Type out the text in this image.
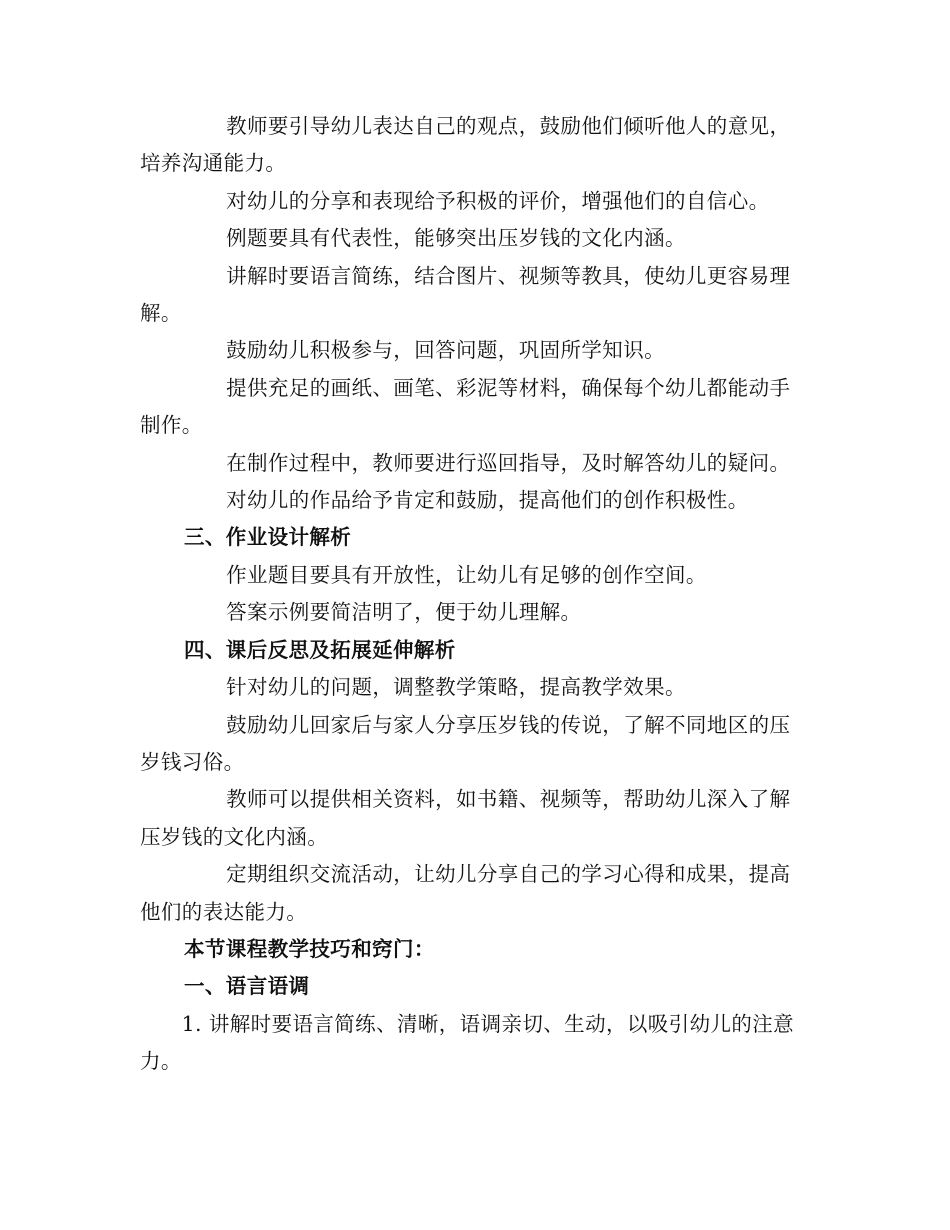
教师要引导幼儿表达自己的观点，鼓励他们倾听他人的意见，培养沟通能力。

对幼儿的分享和表现给予积极的评价，增强他们的自信心。

例题要具有代表性，能够突出压岁钱的文化内涵。

讲解时要语言简练，结合图片、视频等教具，使幼儿更容易理解。

鼓励幼儿积极参与，回答问题，巩固所学知识。

提供充足的画纸、画笔、彩泥等材料，确保每个幼儿都能动手制作。

在制作过程中，教师要进行巡回指导，及时解答幼儿的疑问。

对幼儿的作品给予肯定和鼓励，提高他们的创作积极性。

三、作业设计解析

作业题目要具有开放性，让幼儿有足够的创作空间。

答案示例要简洁明了，便于幼儿理解。

四、课后反思及拓展延伸解析

针对幼儿的问题，调整教学策略，提高教学效果。

鼓励幼儿回家后与家人分享压岁钱的传说，了解不同地区的压岁钱习俗。

教师可以提供相关资料，如书籍、视频等，帮助幼儿深入了解压岁钱的文化内涵。

定期组织交流活动，让幼儿分享自己的学习心得和成果，提高他们的表达能力。

本节课程教学技巧和窍门：

一、语言语调

1. 讲解时要语言简练、清晰，语调亲切、生动，以吸引幼儿的注意力。
